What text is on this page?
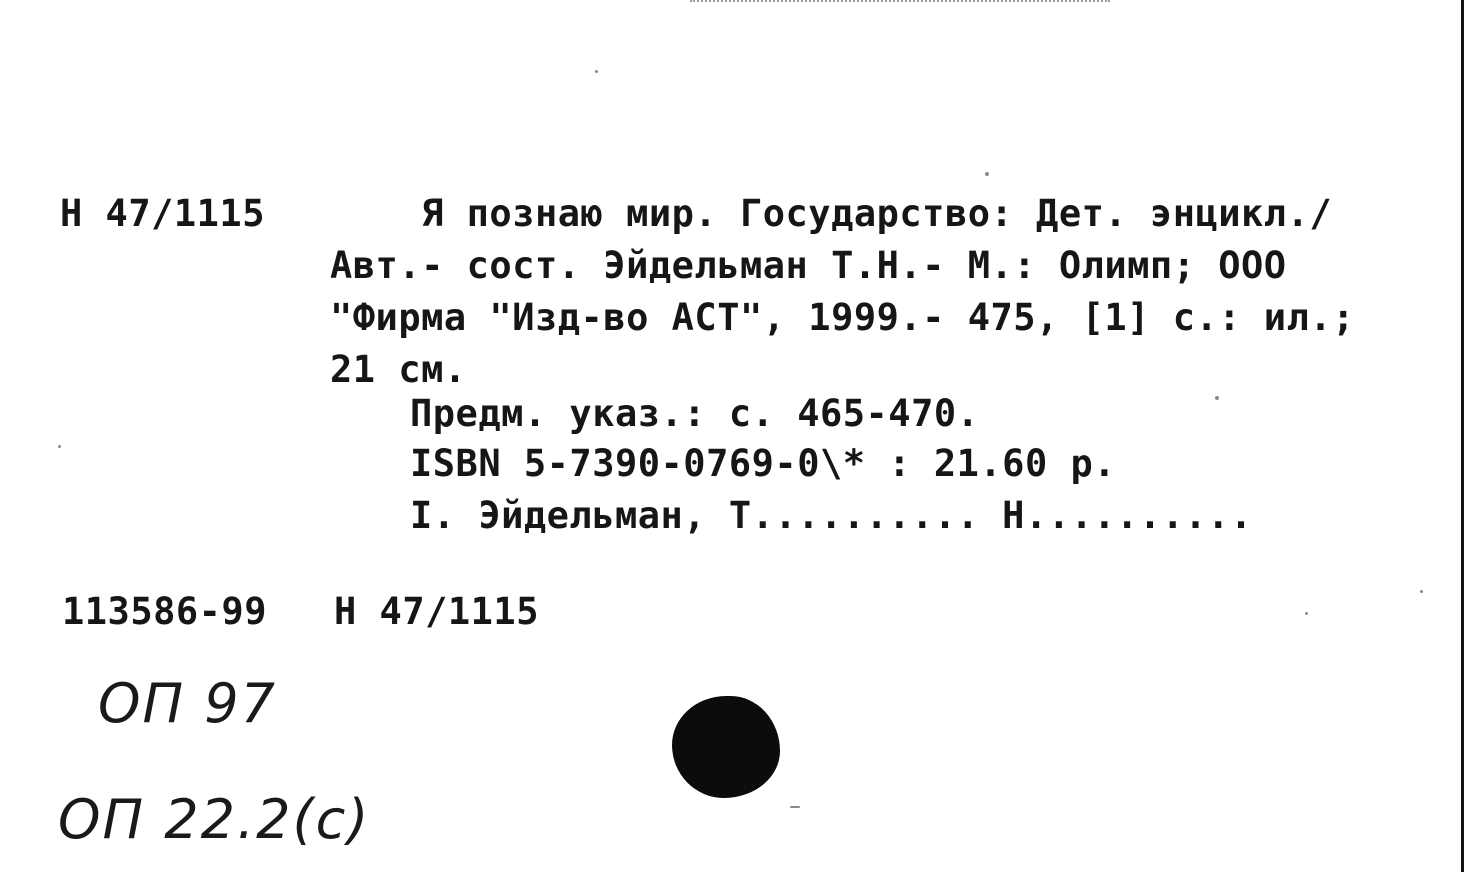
Н 47/1115 Я познаю мир. Государство: Дет. энцикл./
Авт.- сост. Эйдельман Т.Н.- М.: Олимп; ООО
"Фирма "Изд-во АСТ", 1999.- 475, [1] с.: ил.;
21 см.
Предм. указ.: с. 465-470.
ISBN 5-7390-0769-0\* : 21.60 р.
I. Эйдельман, Т.......... Н..........
113586-99 Н 47/1115
ОП 97
ОП 22.2(с)
